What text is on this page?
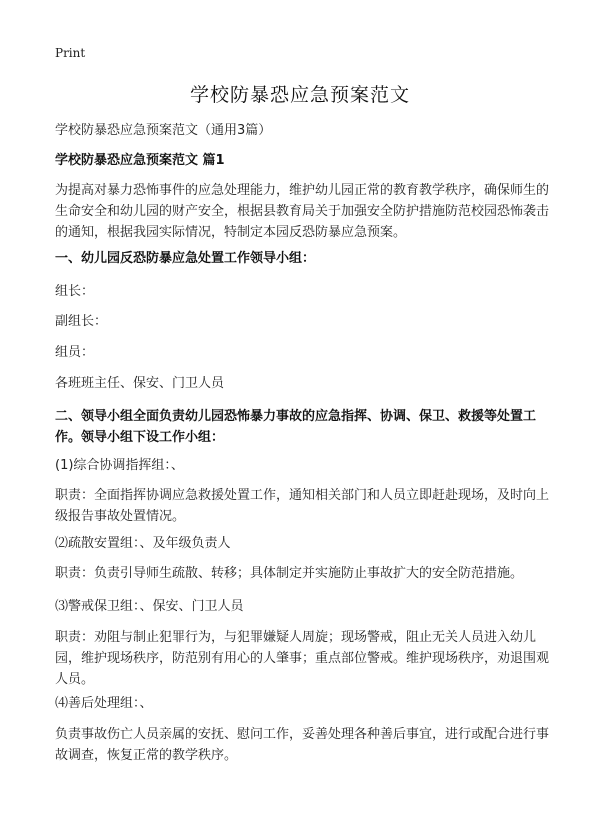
Print
学校防暴恐应急预案范文
学校防暴恐应急预案范文（通用3篇）
学校防暴恐应急预案范文 篇1
为提高对暴力恐怖事件的应急处理能力，维护幼儿园正常的教育教学秩序，确保师生的生命安全和幼儿园的财产安全，根据县教育局关于加强安全防护措施防范校园恐怖袭击的通知，根据我园实际情况，特制定本园反恐防暴应急预案。
一、幼儿园反恐防暴应急处置工作领导小组：
组长：
副组长：
组员：
各班班主任、保安、门卫人员
二、领导小组全面负责幼儿园恐怖暴力事故的应急指挥、协调、保卫、救援等处置工作。领导小组下设工作小组：
(1)综合协调指挥组：、
职责：全面指挥协调应急救援处置工作，通知相关部门和人员立即赶赴现场，及时向上级报告事故处置情况。
⑵疏散安置组：、及年级负责人
职责：负责引导师生疏散、转移；具体制定并实施防止事故扩大的安全防范措施。
⑶警戒保卫组：、保安、门卫人员
职责：劝阻与制止犯罪行为，与犯罪嫌疑人周旋；现场警戒，阻止无关人员进入幼儿园，维护现场秩序，防范别有用心的人肇事；重点部位警戒。维护现场秩序，劝退围观人员。
⑷善后处理组：、
负责事故伤亡人员亲属的安抚、慰问工作，妥善处理各种善后事宜，进行或配合进行事故调查，恢复正常的教学秩序。
